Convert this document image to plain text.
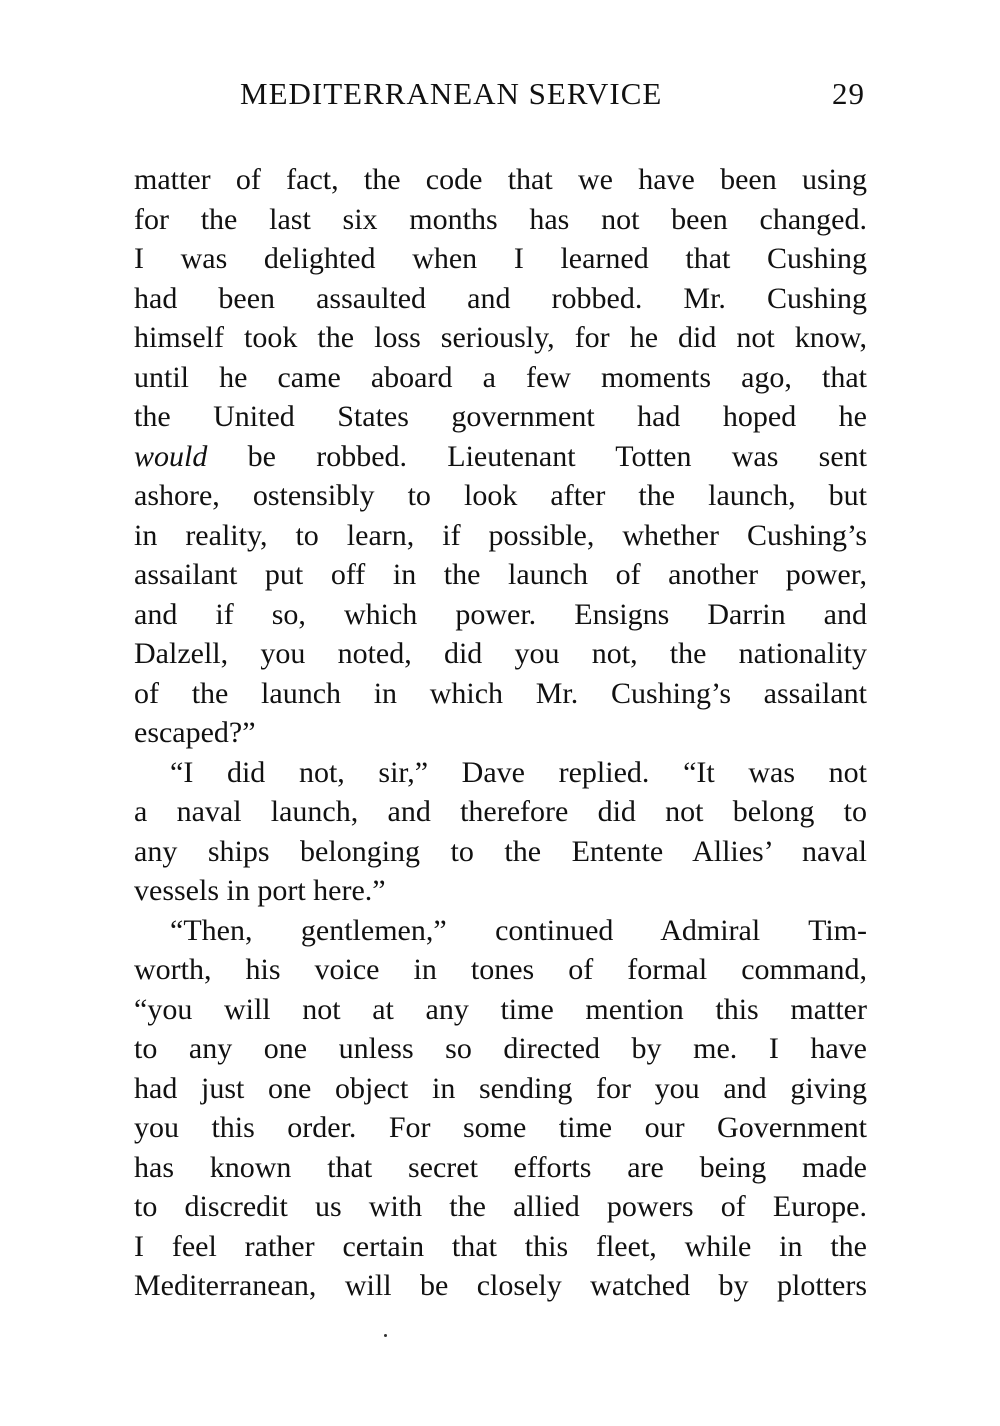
MEDITERRANEAN SERVICE	29
matter of fact, the code that we have been using
for the last six months has not been changed.
I was delighted when I learned that Cushing
had been assaulted and robbed. Mr. Cushing
himself took the loss seriously, for he did not know,
until he came aboard a few moments ago, that
the United States government had hoped he
would be robbed. Lieutenant Totten was sent
ashore, ostensibly to look after the launch, but
in reality, to learn, if possible, whether Cushing’s
assailant put off in the launch of another power,
and if so, which power. Ensigns Darrin and
Dalzell, you noted, did you not, the nationality
of the launch in which Mr. Cushing’s assailant
escaped?”
“I did not, sir,” Dave replied. “It was not
a naval launch, and therefore did not belong to
any ships belonging to the Entente Allies’ naval
vessels in port here.”
“Then, gentlemen,” continued Admiral Tim-
worth, his voice in tones of formal command,
“you will not at any time mention this matter
to any one unless so directed by me. I have
had just one object in sending for you and giving
you this order. For some time our Government
has known that secret efforts are being made
to discredit us with the allied powers of Europe.
I feel rather certain that this fleet, while in the
Mediterranean, will be closely watched by plotters
